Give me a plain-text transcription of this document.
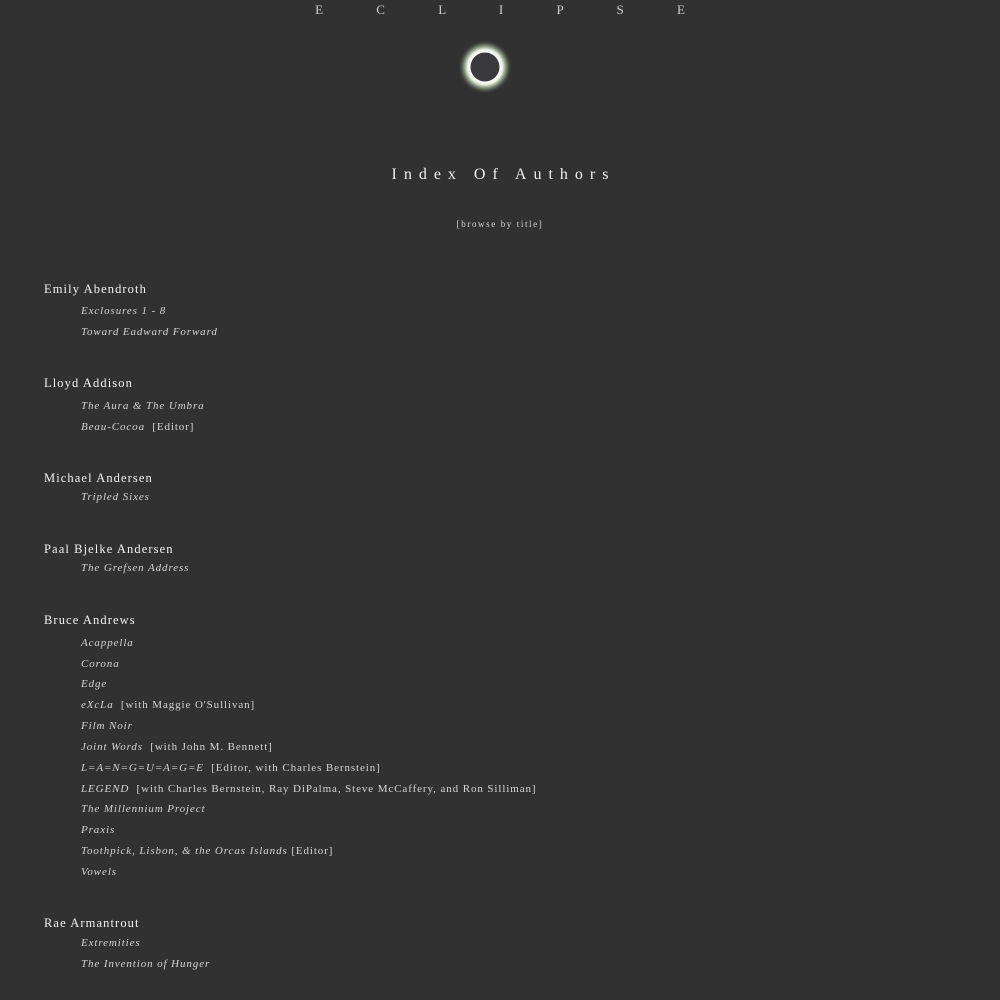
E C L I P S E
Index Of Authors
[browse by title]
Emily Abendroth
Exclosures 1 - 8
Toward Eadward Forward
Lloyd Addison
The Aura & The Umbra
Beau-Cocoa [Editor]
Michael Andersen
Tripled Sixes
Paal Bjelke Andersen
The Grefsen Address
Bruce Andrews
Acappella
Corona
Edge
eXcLa [with Maggie O'Sullivan]
Film Noir
Joint Words [with John M. Bennett]
L=A=N=G=U=A=G=E [Editor, with Charles Bernstein]
LEGEND [with Charles Bernstein, Ray DiPalma, Steve McCaffery, and Ron Silliman]
The Millennium Project
Praxis
Toothpick, Lisbon, & the Orcas Islands [Editor]
Vowels
Rae Armantrout
Extremities
The Invention of Hunger
